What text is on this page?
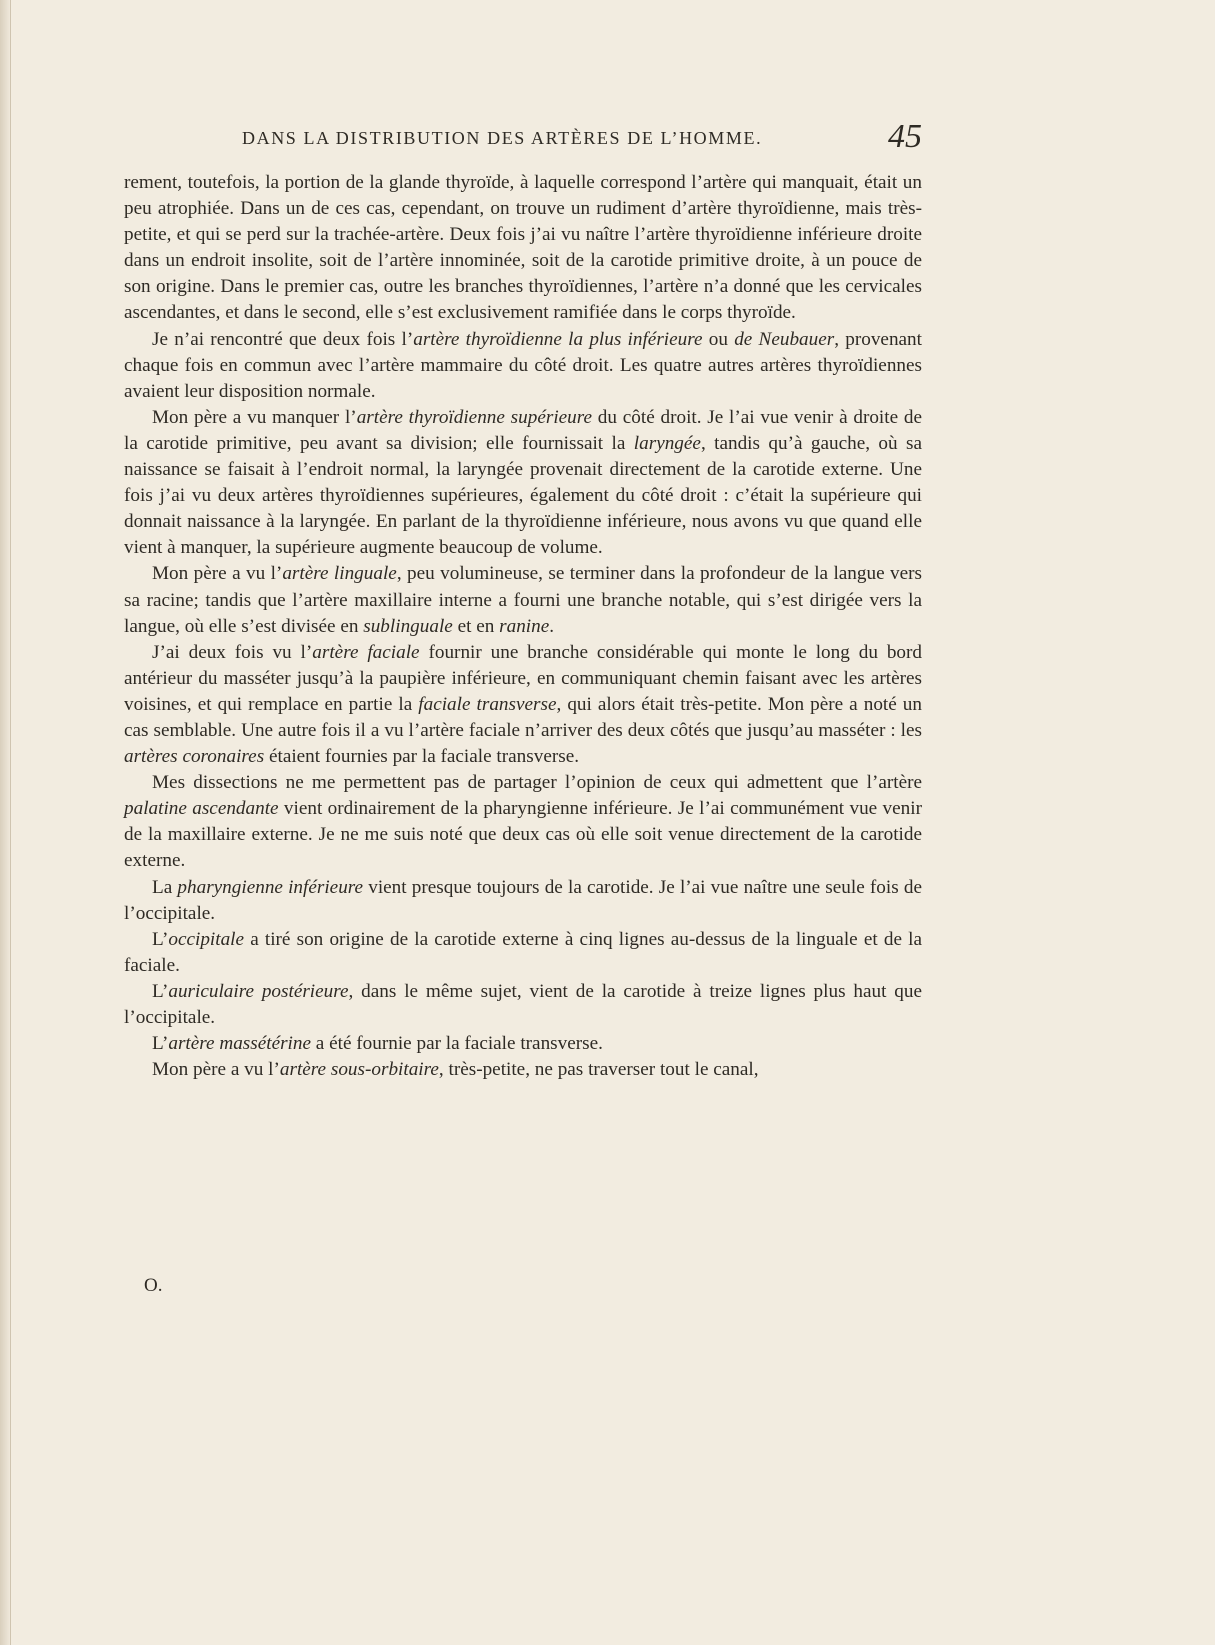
DANS LA DISTRIBUTION DES ARTÈRES DE L’HOMME.	45

rement, toutefois, la portion de la glande thyroïde, à laquelle correspond l’artère qui manquait, était un peu atrophiée. Dans un de ces cas, cependant, on trouve un rudiment d’artère thyroïdienne, mais très-petite, et qui se perd sur la trachée-artère. Deux fois j’ai vu naître l’artère thyroïdienne inférieure droite dans un endroit insolite, soit de l’artère innominée, soit de la carotide primitive droite, à un pouce de son origine. Dans le premier cas, outre les branches thyroïdiennes, l’artère n’a donné que les cervicales ascendantes, et dans le second, elle s’est exclusivement ramifiée dans le corps thyroïde.

Je n’ai rencontré que deux fois l’artère thyroïdienne la plus inférieure ou de Neubauer, provenant chaque fois en commun avec l’artère mammaire du côté droit. Les quatre autres artères thyroïdiennes avaient leur disposition normale.

Mon père a vu manquer l’artère thyroïdienne supérieure du côté droit. Je l’ai vue venir à droite de la carotide primitive, peu avant sa division; elle fournissait la laryngée, tandis qu’à gauche, où sa naissance se faisait à l’endroit normal, la laryngée provenait directement de la carotide externe. Une fois j’ai vu deux artères thyroïdiennes supérieures, également du côté droit : c’était la supérieure qui donnait naissance à la laryngée. En parlant de la thyroïdienne inférieure, nous avons vu que quand elle vient à manquer, la supérieure augmente beaucoup de volume.

Mon père a vu l’artère linguale, peu volumineuse, se terminer dans la profondeur de la langue vers sa racine; tandis que l’artère maxillaire interne a fourni une branche notable, qui s’est dirigée vers la langue, où elle s’est divisée en sublinguale et en ranine.

J’ai deux fois vu l’artère faciale fournir une branche considérable qui monte le long du bord antérieur du masséter jusqu’à la paupière inférieure, en communiquant chemin faisant avec les artères voisines, et qui remplace en partie la faciale transverse, qui alors était très-petite. Mon père a noté un cas semblable. Une autre fois il a vu l’artère faciale n’arriver des deux côtés que jusqu’au masséter : les artères coronaires étaient fournies par la faciale transverse.

Mes dissections ne me permettent pas de partager l’opinion de ceux qui admettent que l’artère palatine ascendante vient ordinairement de la pharyngienne inférieure. Je l’ai communément vue venir de la maxillaire externe. Je ne me suis noté que deux cas où elle soit venue directement de la carotide externe.

La pharyngienne inférieure vient presque toujours de la carotide. Je l’ai vue naître une seule fois de l’occipitale.

L’occipitale a tiré son origine de la carotide externe à cinq lignes au-dessus de la linguale et de la faciale.

L’auriculaire postérieure, dans le même sujet, vient de la carotide à treize lignes plus haut que l’occipitale.

L’artère massétérine a été fournie par la faciale transverse.

Mon père a vu l’artère sous-orbitaire, très-petite, ne pas traverser tout le canal,

O.
